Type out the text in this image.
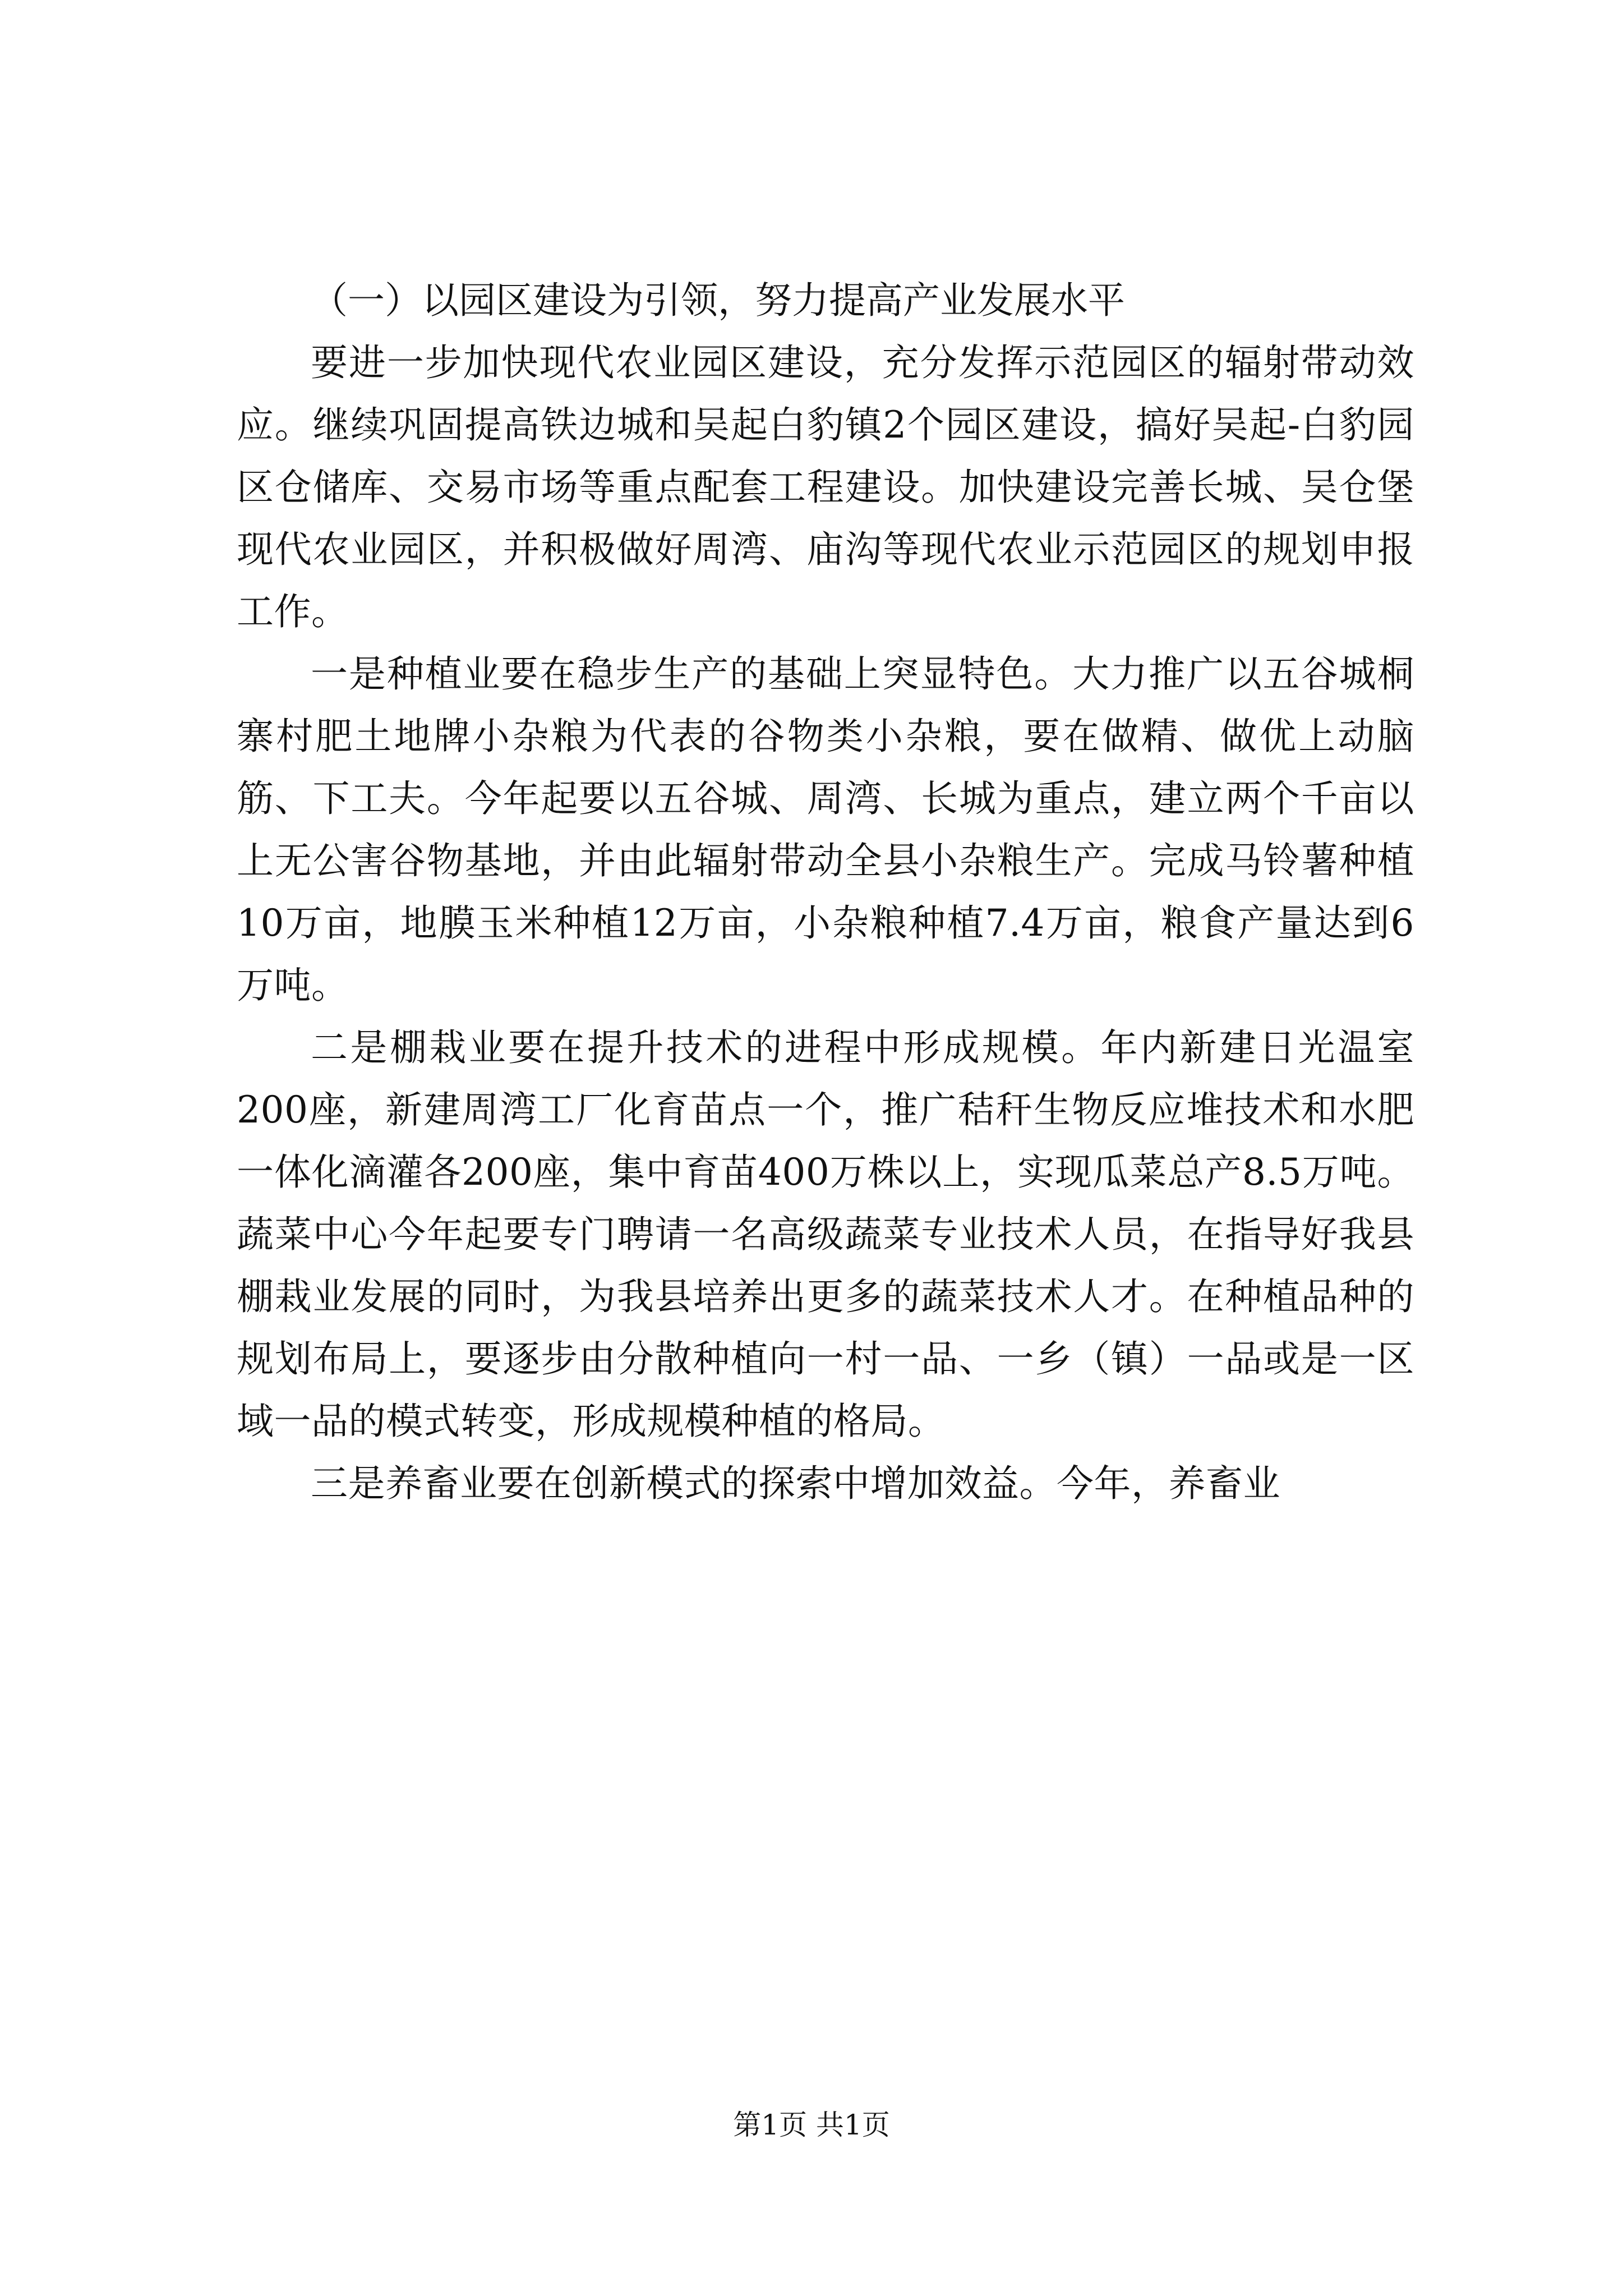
（一）以园区建设为引领，努力提高产业发展水平

要进一步加快现代农业园区建设，充分发挥示范园区的辐射带动效应。继续巩固提高铁边城和吴起白豹镇2个园区建设，搞好吴起-白豹园区仓储库、交易市场等重点配套工程建设。加快建设完善长城、吴仓堡现代农业园区，并积极做好周湾、庙沟等现代农业示范园区的规划申报工作。

一是种植业要在稳步生产的基础上突显特色。大力推广以五谷城桐寨村肥土地牌小杂粮为代表的谷物类小杂粮，要在做精、做优上动脑筋、下工夫。今年起要以五谷城、周湾、长城为重点，建立两个千亩以上无公害谷物基地，并由此辐射带动全县小杂粮生产。完成马铃薯种植10万亩，地膜玉米种植12万亩，小杂粮种植7.4万亩，粮食产量达到6万吨。

二是棚栽业要在提升技术的进程中形成规模。年内新建日光温室200座，新建周湾工厂化育苗点一个，推广秸秆生物反应堆技术和水肥一体化滴灌各200座，集中育苗400万株以上，实现瓜菜总产8.5万吨。蔬菜中心今年起要专门聘请一名高级蔬菜专业技术人员，在指导好我县棚栽业发展的同时，为我县培养出更多的蔬菜技术人才。在种植品种的规划布局上，要逐步由分散种植向一村一品、一乡（镇）一品或是一区域一品的模式转变，形成规模种植的格局。

三是养畜业要在创新模式的探索中增加效益。今年，养畜业

第1页 共1页
